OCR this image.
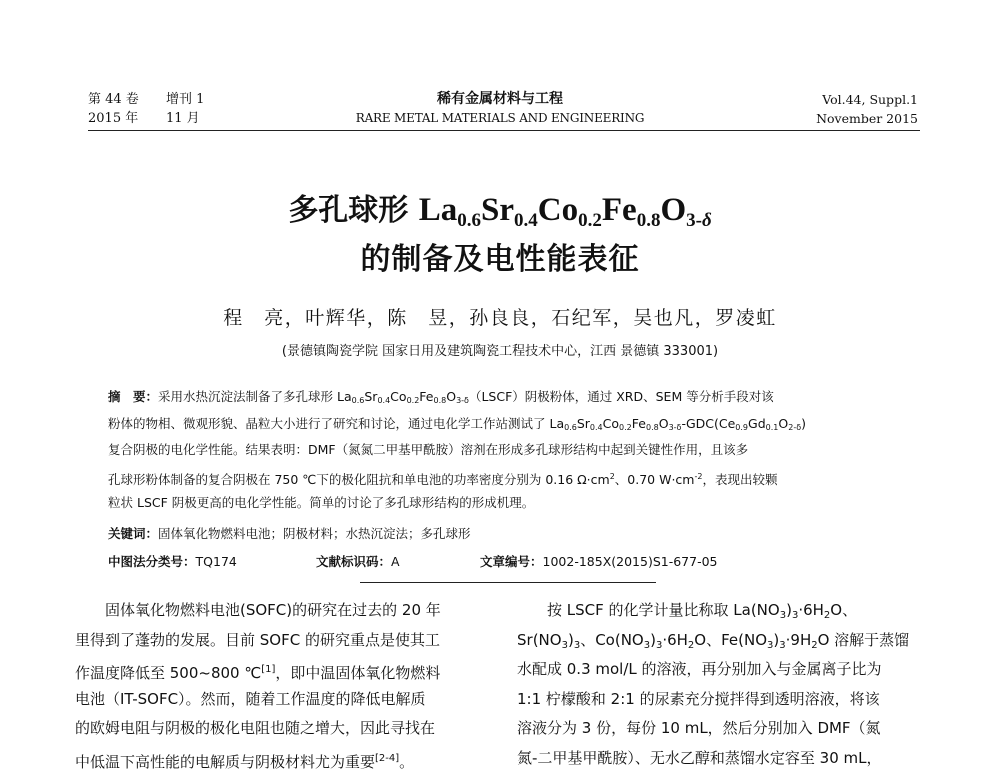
第 44 卷
2015 年
增刊 1
11 月
稀有金属材料与工程
RARE METAL MATERIALS AND ENGINEERING
Vol.44, Suppl.1
November 2015
多孔球形 $La_{0.6}Sr_{0.4}Co_{0.2}Fe_{0.8}O_{3-\delta}$
的制备及电性能表征
程　亮，叶辉华，陈　昱，孙良良，石纪军，吴也凡，罗凌虹
(景德镇陶瓷学院 国家日用及建筑陶瓷工程技术中心，江西 景德镇 333001)
摘　要：采用水热沉淀法制备了多孔球形 $La_{0.6}Sr_{0.4}Co_{0.2}Fe_{0.8}O_{3-\delta}(LSCF)$阴极粉体，通过 XRD、SEM 等分析手段对该
粉体的物相、微观形貌、晶粒大小进行了研究和讨论，通过电化学工作站测试了 $La_{0.6}Sr_{0.4}Co_{0.2}Fe_{0.8}O_{3-\delta}-GDC(Ce_{0.9}Gd_{0.1}O_{2-\delta})$
复合阴极的电化学性能。结果表明：DMF（氮氮二甲基甲酰胺）溶剂在形成多孔球形结构中起到关键性作用，且该多
孔球形粉体制备的复合阴极在 750 ℃下的极化阻抗和单电池的功率密度分别为 0.16 $\Omega\cdot cm^2$、0.70 $W\cdot cm^{-2}$，表现出较颗
粒状 LSCF 阴极更高的电化学性能。简单的讨论了多孔球形结构的形成机理。
关键词：固体氧化物燃料电池；阴极材料；水热沉淀法；多孔球形
中图法分类号：TQ174	文献标识码：A	文章编号：1002-185X(2015)S1-677-05
　　固体氧化物燃料电池(SOFC)的研究在过去的 20 年
里得到了蓬勃的发展。目前 SOFC 的研究重点是使其工
作温度降低至 500~800 ℃[1]，即中温固体氧化物燃料
电池（IT-SOFC）。然而，随着工作温度的降低电解质
的欧姆电阻与阴极的极化电阻也随之增大，因此寻找在
中低温下高性能的电解质与阴极材料尤为重要[2-4]。
　　按 LSCF 的化学计量比称取 $La(NO_3)_3\cdot 6H_2O$、
$Sr(NO_3)_3$、$Co(NO_3)_3\cdot 6H_2O$、$Fe(NO_3)_3\cdot 9H_2O$ 溶解于蒸馏
水配成 0.3 mol/L 的溶液，再分别加入与金属离子比为
1:1 柠檬酸和 2:1 的尿素充分搅拌得到透明溶液，将该
溶液分为 3 份，每份 10 mL，然后分别加入 DMF（氮
氮-二甲基甲酰胺）、无水乙醇和蒸馏水定容至 30 mL，
